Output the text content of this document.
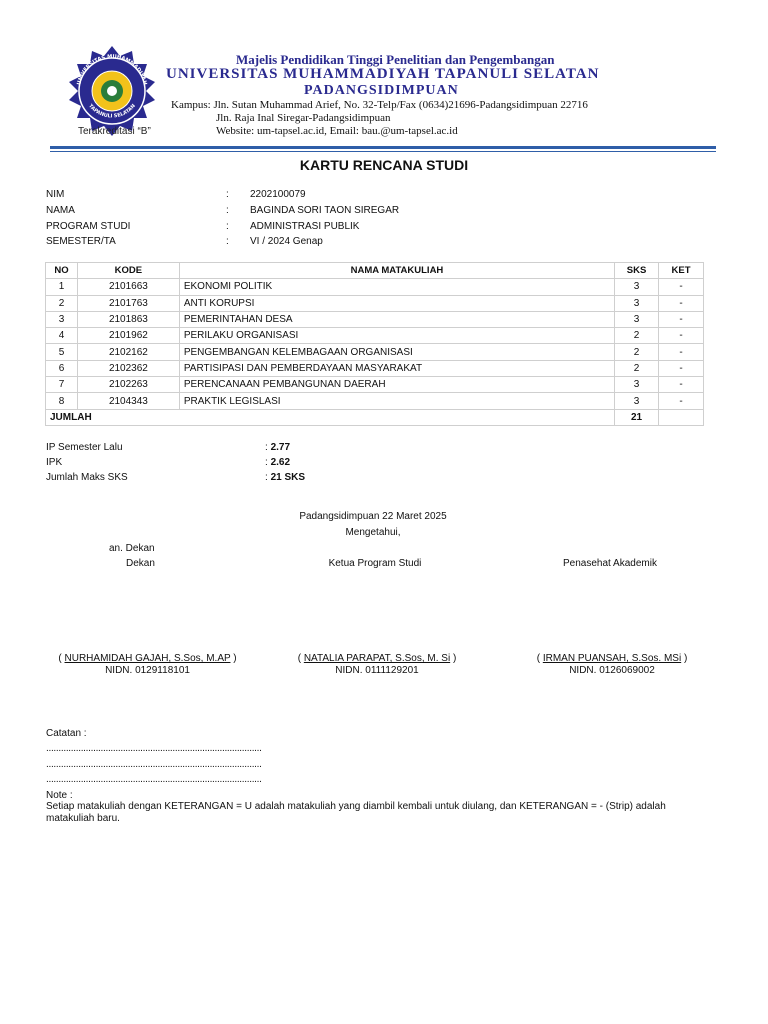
UNIVERSITAS MUHAMMADIYAH
TAPANULI SELATAN
Terakreditasi “B”
Majelis Pendidikan Tinggi Penelitian dan Pengembangan
UNIVERSITAS MUHAMMADIYAH TAPANULI SELATAN
PADANGSIDIMPUAN
Kampus: Jln. Sutan Muhammad Arief, No. 32-Telp/Fax (0634)21696-Padangsidimpuan 22716
Jln. Raja Inal Siregar-Padangsidimpuan
Website: um-tapsel.ac.id, Email: bau.@um-tapsel.ac.id
KARTU RENCANA STUDI
NIM	: 2202100079
NAMA	: BAGINDA SORI TAON SIREGAR
PROGRAM STUDI	: ADMINISTRASI PUBLIK
SEMESTER/TA	: VI / 2024 Genap
NO	KODE	NAMA MATAKULIAH	SKS	KET
1	2101663	EKONOMI POLITIK	3	-
2	2101763	ANTI KORUPSI	3	-
3	2101863	PEMERINTAHAN DESA	3	-
4	2101962	PERILAKU ORGANISASI	2	-
5	2102162	PENGEMBANGAN KELEMBAGAAN ORGANISASI	2	-
6	2102362	PARTISIPASI DAN PEMBERDAYAAN MASYARAKAT	2	-
7	2102263	PERENCANAAN PEMBANGUNAN DAERAH	3	-
8	2104343	PRAKTIK LEGISLASI	3	-
JUMLAH			21	
IP Semester Lalu	: 2.77
IPK	: 2.62
Jumlah Maks SKS	: 21 SKS
Padangsidimpuan 22 Maret 2025
Mengetahui,
an. Dekan
Dekan	Ketua Program Studi	Penasehat Akademik
( NURHAMIDAH GAJAH, S.Sos, M.AP )
NIDN. 0129118101
( NATALIA PARAPAT, S.Sos, M. Si )
NIDN. 0111129201
( IRMAN PUANSAH, S.Sos. MSi )
NIDN. 0126069002
Catatan :
.......................................................................................
.......................................................................................
.......................................................................................
Note :
Setiap matakuliah dengan KETERANGAN = U adalah matakuliah yang diambil kembali untuk diulang, dan KETERANGAN = - (Strip) adalah matakuliah baru.
